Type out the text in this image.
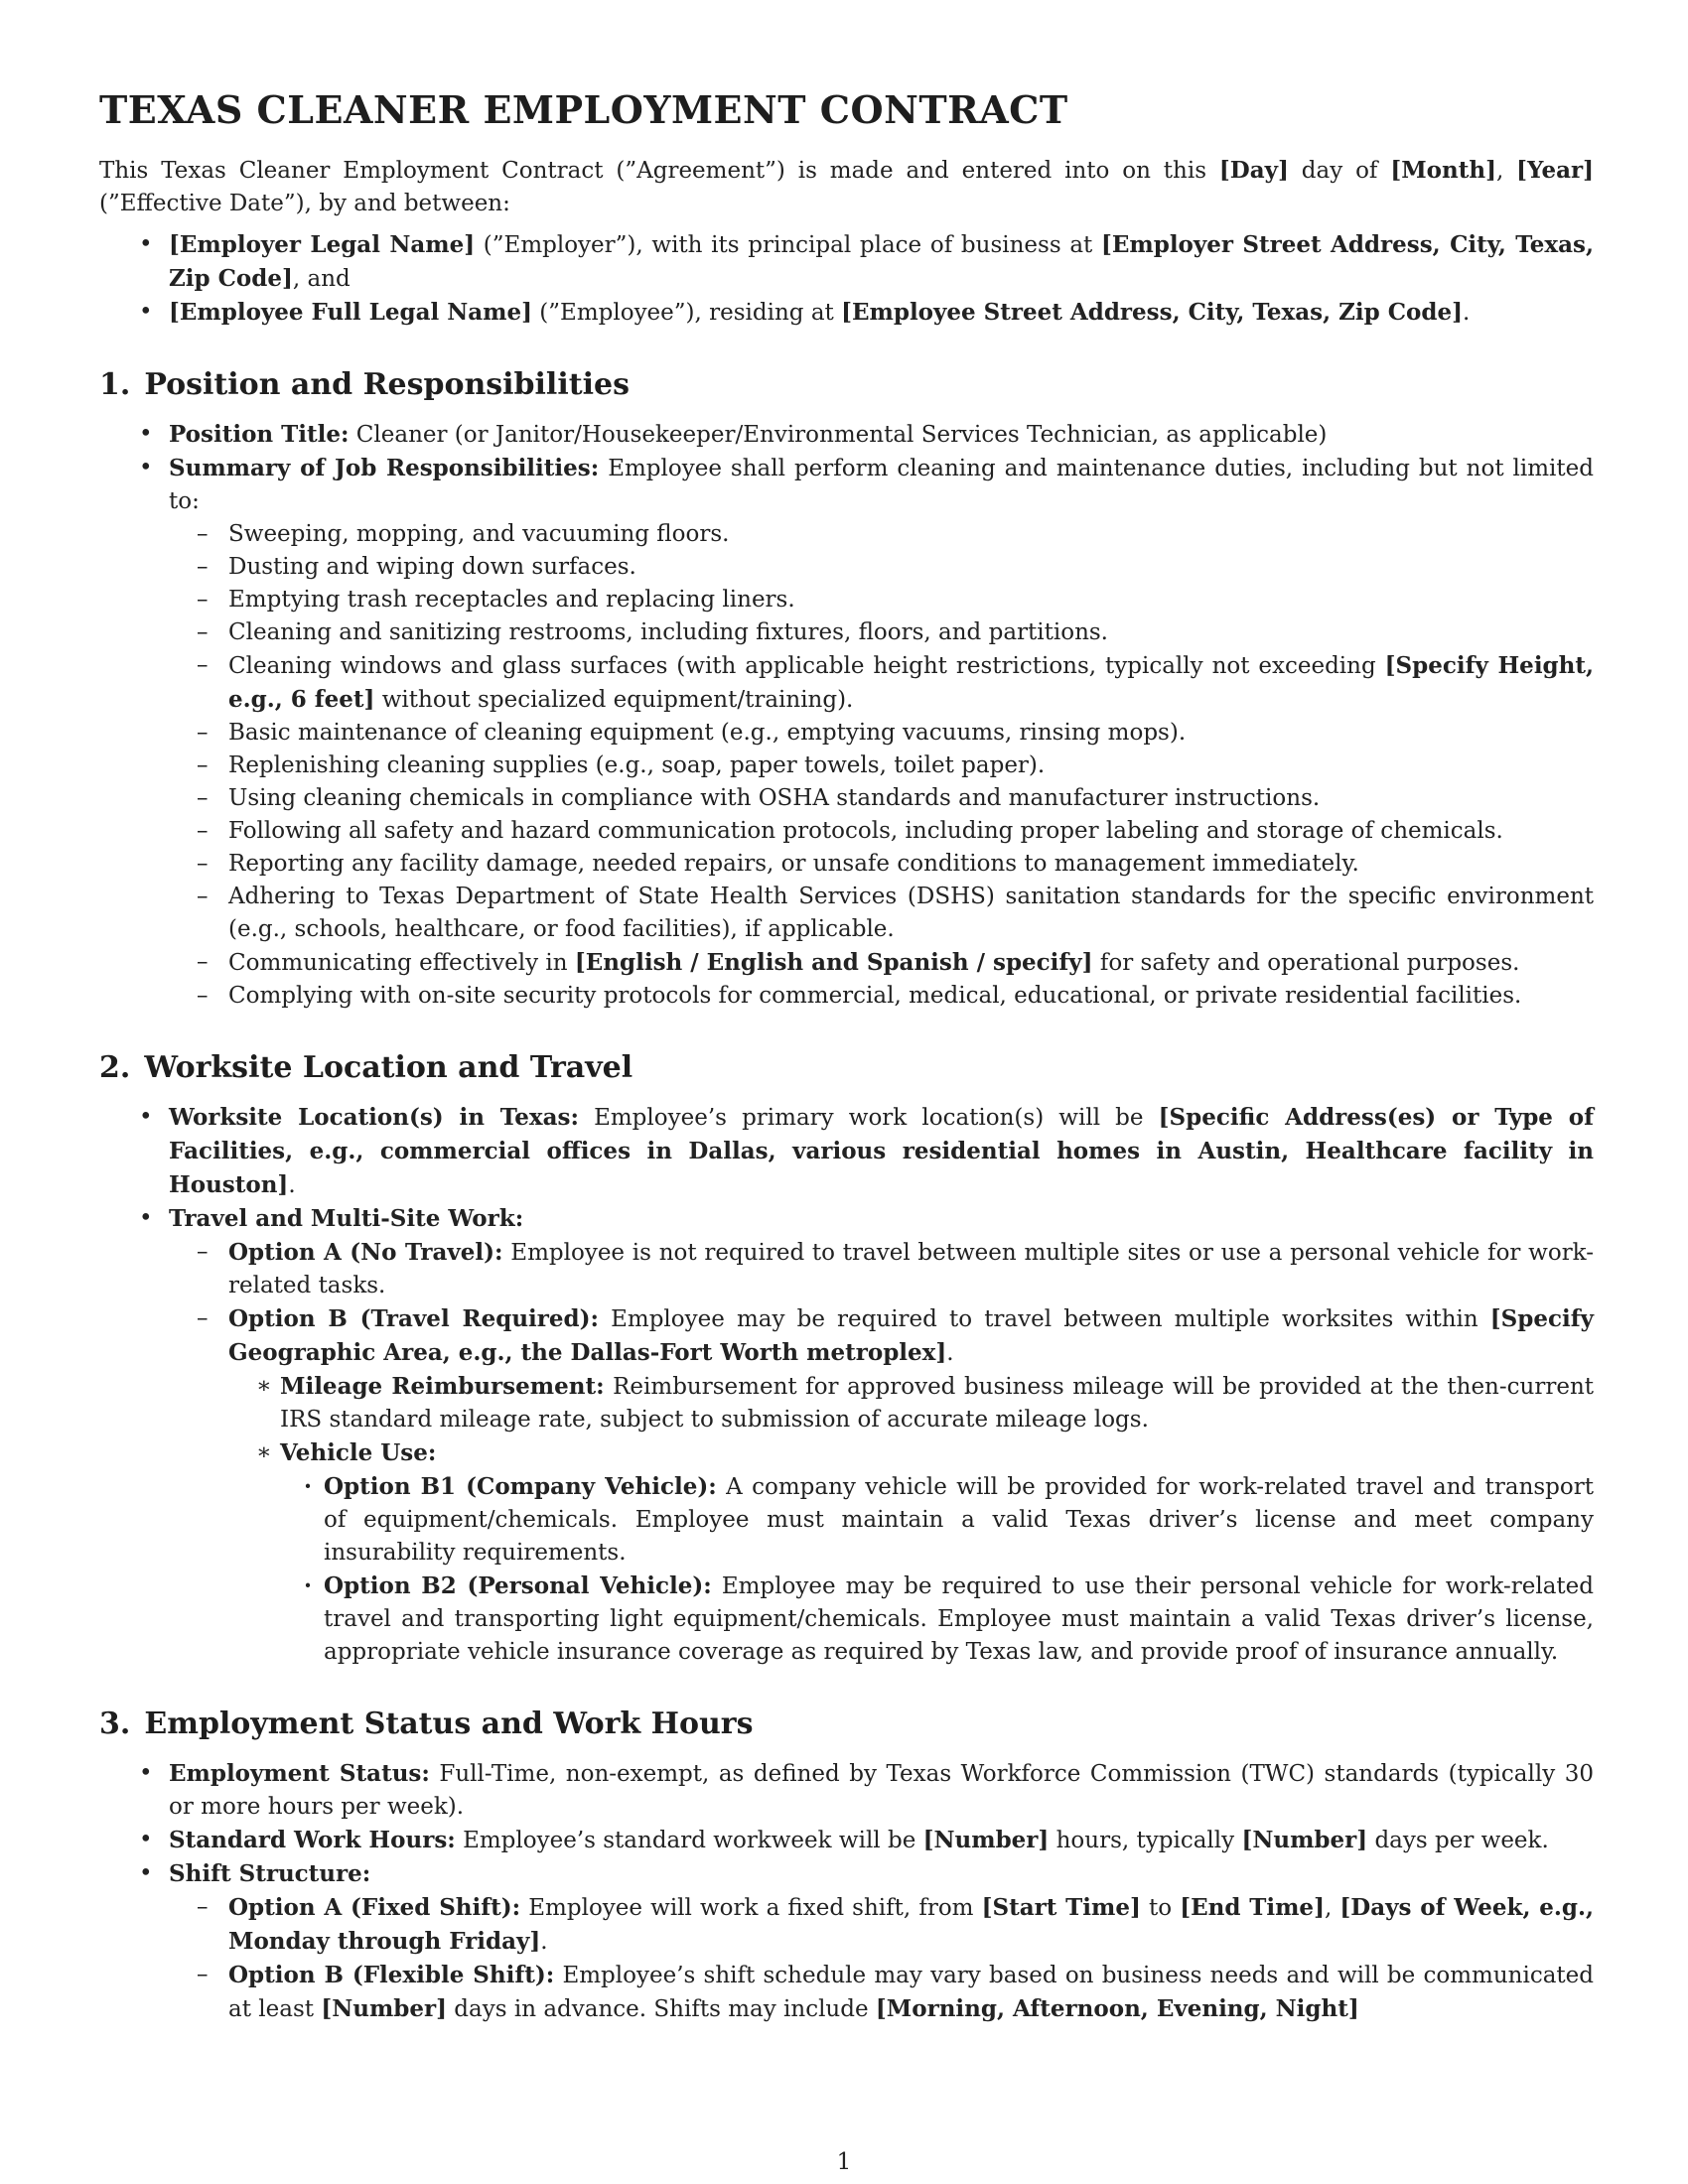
TEXAS CLEANER EMPLOYMENT CONTRACT

This Texas Cleaner Employment Contract (”Agreement”) is made and entered into on this [Day] day of [Month], [Year] (”Effective Date”), by and between:

• [Employer Legal Name] (”Employer”), with its principal place of business at [Employer Street Address, City, Texas, Zip Code], and
• [Employee Full Legal Name] (”Employee”), residing at [Employee Street Address, City, Texas, Zip Code].
1. Position and Responsibilities
• Position Title: Cleaner (or Janitor/Housekeeper/Environmental Services Technician, as applicable)
• Summary of Job Responsibilities: Employee shall perform cleaning and maintenance duties, including but not limited to:
– Sweeping, mopping, and vacuuming floors.
– Dusting and wiping down surfaces.
– Emptying trash receptacles and replacing liners.
– Cleaning and sanitizing restrooms, including fixtures, floors, and partitions.
– Cleaning windows and glass surfaces (with applicable height restrictions, typically not exceeding [Specify Height, e.g., 6 feet] without specialized equipment/training).
– Basic maintenance of cleaning equipment (e.g., emptying vacuums, rinsing mops).
– Replenishing cleaning supplies (e.g., soap, paper towels, toilet paper).
– Using cleaning chemicals in compliance with OSHA standards and manufacturer instructions.
– Following all safety and hazard communication protocols, including proper labeling and storage of chemicals.
– Reporting any facility damage, needed repairs, or unsafe conditions to management immediately.
– Adhering to Texas Department of State Health Services (DSHS) sanitation standards for the specific environment (e.g., schools, healthcare, or food facilities), if applicable.
– Communicating effectively in [English / English and Spanish / specify] for safety and operational purposes.
– Complying with on-site security protocols for commercial, medical, educational, or private residential facilities.
2. Worksite Location and Travel
• Worksite Location(s) in Texas: Employee’s primary work location(s) will be [Specific Address(es) or Type of Facilities, e.g., commercial offices in Dallas, various residential homes in Austin, Healthcare facility in Houston].
• Travel and Multi-Site Work:
– Option A (No Travel): Employee is not required to travel between multiple sites or use a personal vehicle for work-related tasks.
– Option B (Travel Required): Employee may be required to travel between multiple worksites within [Specify Geographic Area, e.g., the Dallas-Fort Worth metroplex].
∗ Mileage Reimbursement: Reimbursement for approved business mileage will be provided at the then-current IRS standard mileage rate, subject to submission of accurate mileage logs.
∗ Vehicle Use:
· Option B1 (Company Vehicle): A company vehicle will be provided for work-related travel and transport of equipment/chemicals. Employee must maintain a valid Texas driver’s license and meet company insurability requirements.
· Option B2 (Personal Vehicle): Employee may be required to use their personal vehicle for work-related travel and transporting light equipment/chemicals. Employee must maintain a valid Texas driver’s license, appropriate vehicle insurance coverage as required by Texas law, and provide proof of insurance annually.
3. Employment Status and Work Hours
• Employment Status: Full-Time, non-exempt, as defined by Texas Workforce Commission (TWC) standards (typically 30 or more hours per week).
• Standard Work Hours: Employee’s standard workweek will be [Number] hours, typically [Number] days per week.
• Shift Structure:
– Option A (Fixed Shift): Employee will work a fixed shift, from [Start Time] to [End Time], [Days of Week, e.g., Monday through Friday].
– Option B (Flexible Shift): Employee’s shift schedule may vary based on business needs and will be communicated at least [Number] days in advance. Shifts may include [Morning, Afternoon, Evening, Night]
1
